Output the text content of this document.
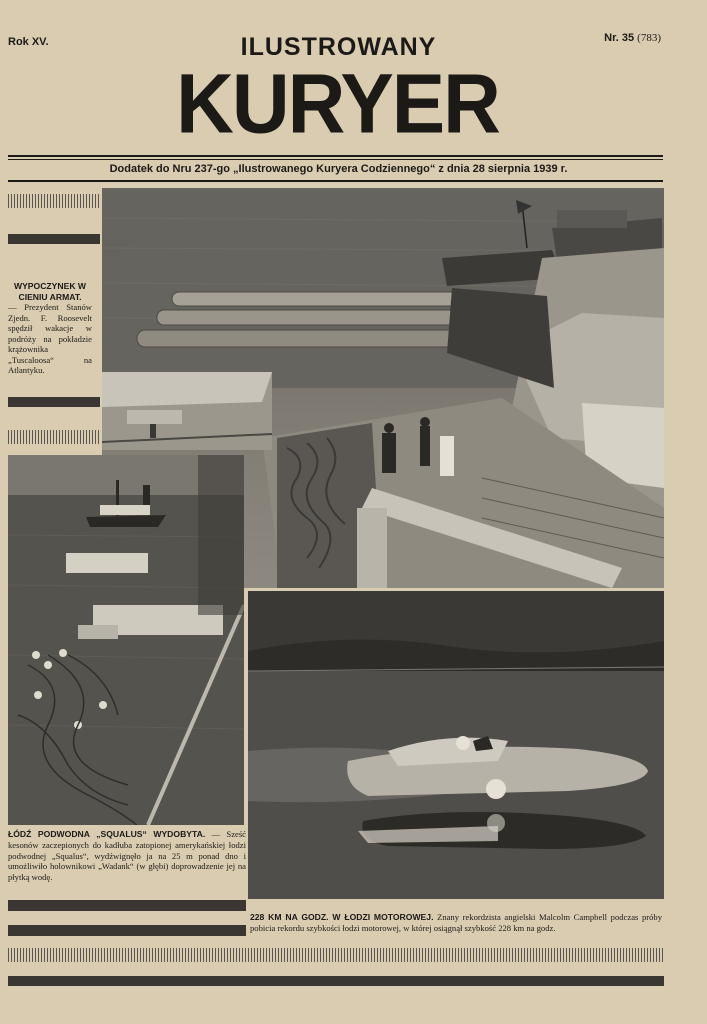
Rok XV.	Nr. 35 (783)
ILUSTROWANY
KURYER
Dodatek do Nru 237-go „Ilustrowanego Kuryera Codziennego“ z dnia 28 sierpnia 1939 r.
WYPOCZYNEK W CIENIU ARMAT.
— Prezydent Stanów Zjedn. F. Roosevelt spędził wakacje w podróży na pokładzie krążownika „Tuscaloosa“ na Atlantyku.
ŁÓDŹ PODWODNA „SQUALUS“ WYDOBYTA. — Sześć kesonów zaczepionych do kadłuba zatopionej amerykańskiej łodzi podwodnej „Squalus“, wydźwignęło ja na 25 m ponad dno i umożliwiło holownikowi „Wadank“ (w głębi) doprowadzenie jej na płytką wodę.
228 KM NA GODZ. W ŁODZI MOTOROWEJ. Znany rekordzista angielski Malcolm Campbell podczas próby pobicia rekordu szybkości łodzi motorowej, w której osiągnął szybkość 228 km na godz.
